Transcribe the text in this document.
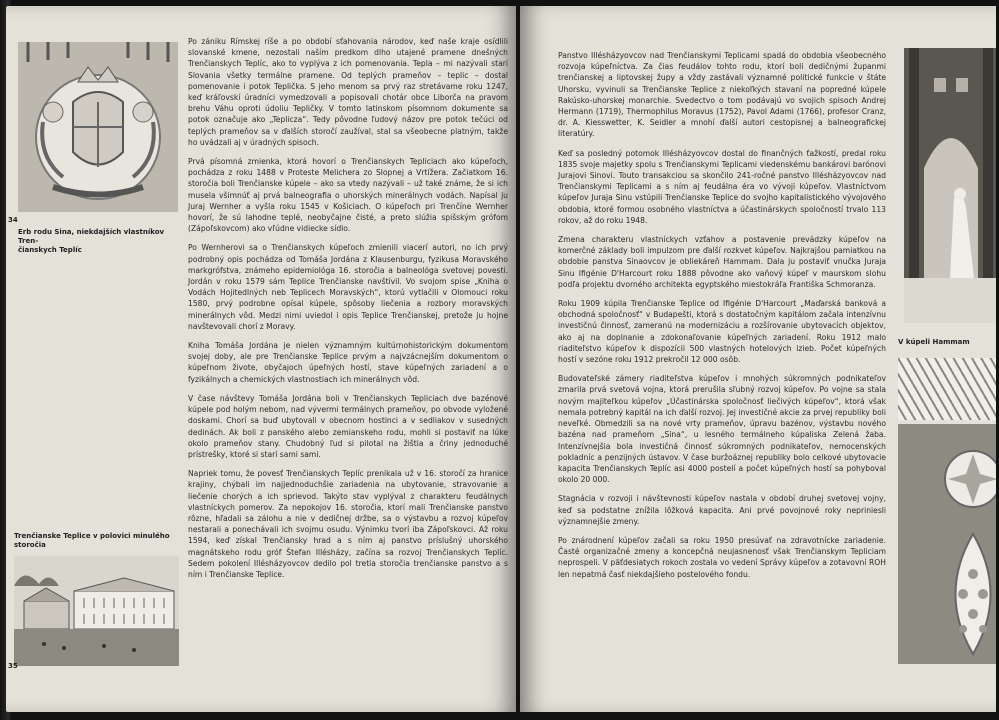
34
Erb rodu Sina, niekdajších vlastníkov Tren-
čianskych Teplíc
Trenčianske Teplice v polovici minulého
storočia
35

Po zániku Rímskej ríše a po období sťahovania národov, keď naše kraje osídlili slovanské kmene, nezostali naším predkom dlho utajené pramene dnešných Trenčianskych Teplíc, ako to vyplýva z ich pomenovania. Tepla – mi nazývali starí Slovania všetky termálne pramene. Od teplých prameňov – teplic – dostal pomenovanie i potok Teplička. S jeho menom sa prvý raz stretávame roku 1247, keď kráľovskí úradníci vymedzovali a popisovali chotár obce Liborča na pravom brehu Váhu oproti údoliu Tepličky. V tomto latinskom písomnom dokumente sa potok označuje ako „Teplicza“. Tedy pôvodne ľudový názov pre potok tečúci od teplých prameňov sa v ďalších storočí zaužíval, stal sa všeobecne platným, takže ho uvádzali aj v úradných spisoch.

Prvá písomná zmienka, ktorá hovorí o Trenčianskych Tepliciach ako kúpeľoch, pochádza z roku 1488 v Proteste Melichera zo Slopnej a Vrtížera. Začiatkom 16. storočia boli Trenčianske kúpele – ako sa vtedy nazývali – už také známe, že si ich musela všimnúť aj prvá balneografia o uhorských minerálnych vodách. Napísal ju Juraj Wernher a vyšla roku 1545 v Košiciach. O kúpeľoch pri Trenčíne Wernher hovorí, že sú lahodne teplé, neobyčajne čisté, a preto slúžia spišským grófom (Zápoľskovcom) ako vľúdne vidiecke sídlo.

Po Wernherovi sa o Trenčianskych kúpeľoch zmienili viacerí autori, no ich prvý podrobný opis pochádza od Tomáša Jordána z Klausenburgu, fyzikusa Moravského markgrófstva, známeho epidemiológa 16. storočia a balneológa svetovej povesti. Jordán v roku 1579 sám Teplice Trenčianske navštívil. Vo svojom spise „Kniha o Vodách Hojitedlných neb Teplicech Moravských“, ktorú vytlačili v Olomouci roku 1580, prvý podrobne opísal kúpele, spôsoby liečenia a rozbory moravských minerálnych vôd. Medzi nimi uviedol i opis Teplice Trenčianskej, pretože ju hojne navštevovali chorí z Moravy.

Kniha Tomáša Jordána je nielen významným kultúrnohistorickým dokumentom svojej doby, ale pre Trenčianske Teplice prvým a najvzácnejším dokumentom o kúpeľnom živote, obyčajoch úpeľných hostí, stave kúpeľných zariadení a o fyzikálnych a chemických vlastnostiach ich minerálnych vôd.

V čase návštevy Tomáša Jordána boli v Trenčianskych Tepliciach dve bazénové kúpele pod holým nebom, nad vývermi termálnych prameňov, po obvode vyložené doskami. Chorí sa buď ubytovali v obecnom hostinci a v sedliakov v susedných dedinách. Ak boli z panského alebo zemianskeho rodu, mohli si postaviť na lúke okolo prameňov stany. Chudobný ľud si pilotal na žištia a čriny jednoduché prístrešky, ktoré si starí sami sami.

Napriek tomu, že povesť Trenčianskych Teplíc prenikala už v 16. storočí za hranice krajiny, chýbali im najjednoduchšie zariadenia na ubytovanie, stravovanie a liečenie chorých a ich sprievod. Takýto stav vyplýval z charakteru feudálnych vlastníckych pomerov. Za nepokojov 16. storočia, ktorí mali Trenčianske panstvo rôzne, hľadali sa zálohu a nie v dedičnej držbe, sa o výstavbu a rozvoj kúpeľov nestarali a ponechávali ich svojmu osudu. Výnimku tvorí iba Zápoľskovci. Až roku 1594, keď získal Trenčiansky hrad a s ním aj panstvo príslušný uhorského magnátskeho rodu gróf Štefan Illésházy, začína sa rozvoj Trenčianskych Teplíc. Sedem pokolení Illésházyovcov dedilo pol tretia storočia trenčianske panstvo a s ním i Trenčianske Teplice.

Panstvo Illésházyovcov nad Trenčianskymi Teplicami spadá do obdobia všeobecného rozvoja kúpeľníctva. Za čias feudálov tohto rodu, ktorí boli dedičnými županmi trenčianskej a liptovskej župy a vždy zastávali významné politické funkcie v štáte Uhorsku, vyvinuli sa Trenčianske Teplice z niekoľkých stavaní na popredné kúpele Rakúsko-uhorskej monarchie. Svedectvo o tom podávajú vo svojich spisoch Andrej Hermann (1719), Thermophilus Moravus (1752), Pavol Adami (1766), profesor Cranz, dr. A. Kiesswetter, K. Seidler a mnohí ďalší autori cestopisnej a balneografickej literatúry.

Keď sa posledný potomok Illésházyovcov dostal do finančných ťažkostí, predal roku 1835 svoje majetky spolu s Trenčianskymi Teplicami viedenskému bankárovi barónovi Jurajovi Sinovi. Touto transakciou sa skončilo 241-ročné panstvo Illésházyovcov nad Trenčianskymi Teplicami a s ním aj feudálna éra vo vývoji kúpeľov. Vlastníctvom kúpeľov Juraja Sinu vstúpili Trenčianske Teplice do svojho kapitalistického vývojového obdobia, ktoré formou osobného vlastníctva a účastinárskych spoločností trvalo 113 rokov, až do roku 1948.

Zmena charakteru vlastníckych vzťahov a postavenie prevádzky kúpeľov na komerčné základy boli impulzom pre ďalší rozkvet kúpeľov. Najkrajšou pamiatkou na obdobie panstva Sinaovcov je obliekáreň Hammam. Dala ju postaviť vnučka Juraja Sinu Ifigénie D'Harcourt roku 1888 pôvodne ako vaňový kúpeľ v maurskom slohu podľa projektu dvorného architekta egyptského miestokráľa Františka Schmoranza.

Roku 1909 kúpila Trenčianske Teplice od Ifigénie D'Harcourt „Maďarská banková a obchodná spoločnosť“ v Budapešti, ktorá s dostatočným kapitálom začala intenzívnu investičnú činnosť, zameranú na modernizáciu a rozšírovanie ubytovacích objektov, ako aj na doplnanie a zdokonaľovanie kúpeľných zariadení. Roku 1912 malo riaditeľstvo kúpeľov k dispozícii 500 vlastných hotelových izieb. Počet kúpeľných hostí v sezóne roku 1912 prekročil 12 000 osôb.

Budovateľské zámery riaditeľstva kúpeľov i mnohých súkromných podnikateľov zmarila prvá svetová vojna, ktorá prerušila sľubný rozvoj kúpeľov. Po vojne sa stala novým majiteľkou kúpeľov „Účastinárska spoločnosť liečivých kúpeľov“, ktorá však nemala potrebný kapitál na ich ďalší rozvoj. Jej investičné akcie za prvej republiky boli neveľké. Obmedzili sa na nové vrty prameňov, úpravu bazénov, výstavbu nového bazéna nad prameňom „Sina“, u lesného termálneho kúpaliska Zelená žaba. Intenzívnejšia bola investičná činnosť súkromných podnikateľov, nemocenských pokladníc a penzijných ústavov. V čase buržoáznej republiky bolo celkové ubytovacie kapacita Trenčianskych Teplíc asi 4000 postelí a počet kúpeľných hostí sa pohyboval okolo 20 000.

Stagnácia v rozvoji i návštevnosti kúpeľov nastala v období druhej svetovej vojny, keď sa podstatne znížila lôžková kapacita. Ani prvé povojnové roky nepriniesli významnejšie zmeny.

Po znárodnení kúpeľov začali sa roku 1950 presúvať na zdravotnícke zariadenie. Časté organizačné zmeny a koncepčná neujasnenosť však Trenčianskym Tepliciam neprospeli. V päťdesiatych rokoch zostala vo vedení Správy kúpeľov a zotavovní ROH len nepatrná časť niekdajšieho postelového fondu.

V kúpeli Hammam
